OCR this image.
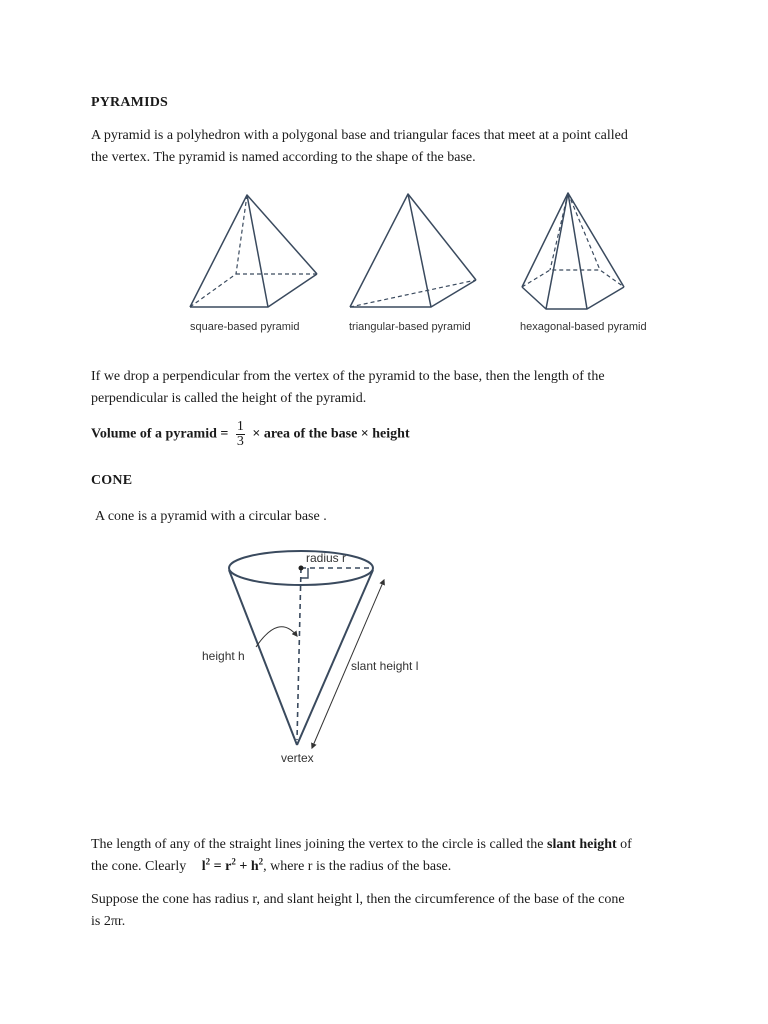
PYRAMIDS
A pyramid is a polyhedron with a polygonal base and triangular faces that meet at a point called
the vertex. The pyramid is named according to the shape of the base.
square-based pyramid	triangular-based pyramid	hexagonal-based pyramid
If we drop a perpendicular from the vertex of the pyramid to the base, then the length of the
perpendicular is called the height of the pyramid.
Volume of a pyramid = $\frac{1}{3}$ × area of the base × height
CONE
A cone is a pyramid with a circular base .
radius r
height h
slant height l
vertex
The length of any of the straight lines joining the vertex to the circle is called the slant height of
the cone. Clearly $l^2 = r^2 + h^2$, where r is the radius of the base.
Suppose the cone has radius r, and slant height l, then the circumference of the base of the cone
is 2πr.
